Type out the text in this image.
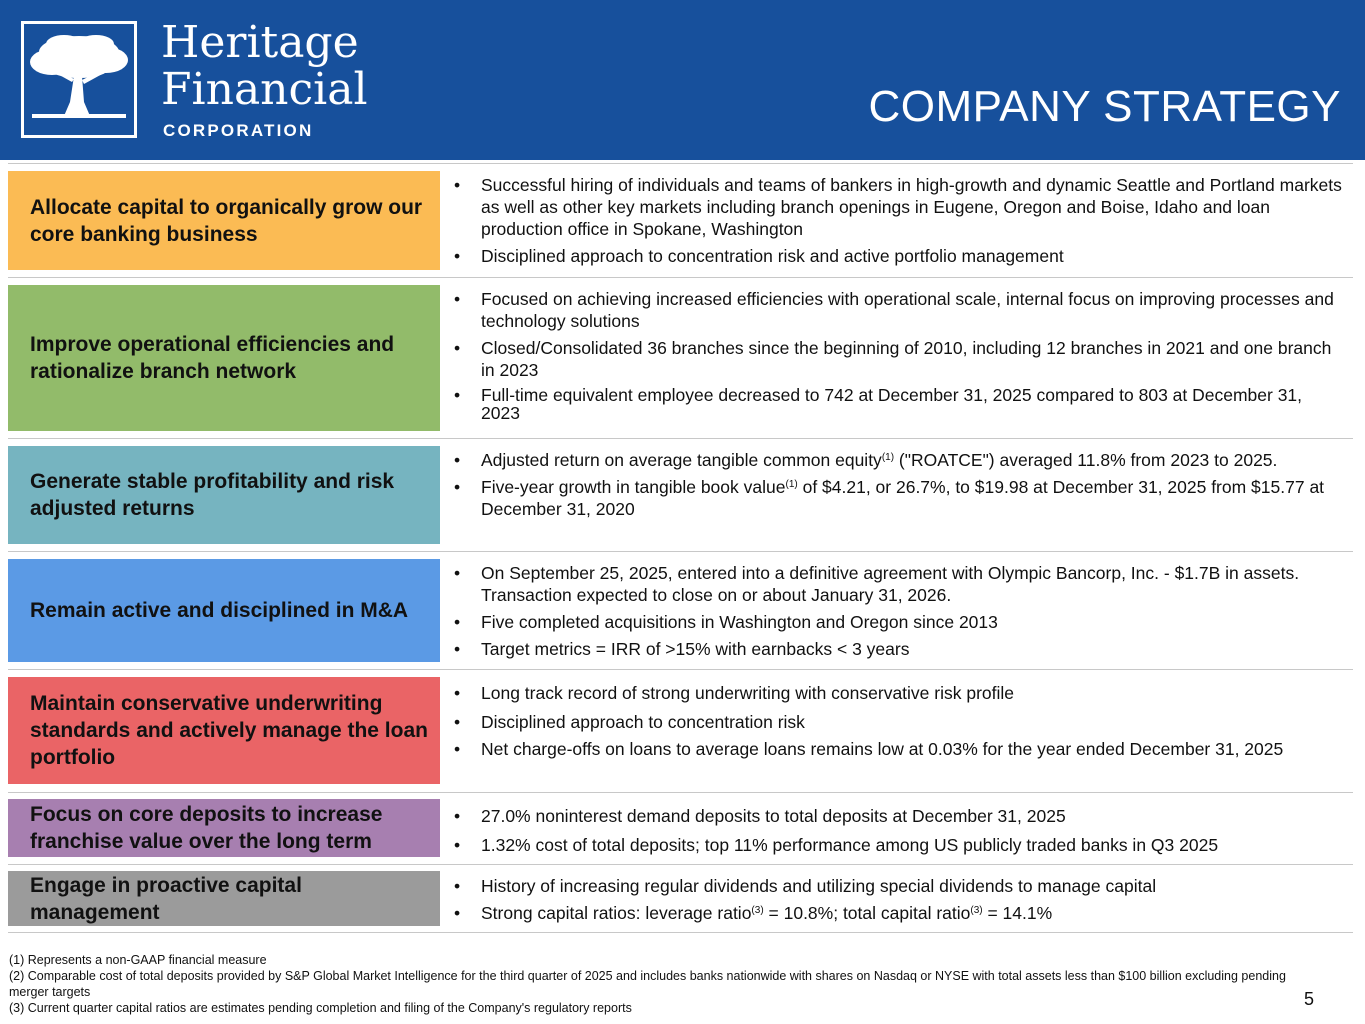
Heritage
Financial
CORPORATION	COMPANY STRATEGY
Allocate capital to organically grow our core banking business
• Successful hiring of individuals and teams of bankers in high-growth and dynamic Seattle and Portland markets as well as other key markets including branch openings in Eugene, Oregon and Boise, Idaho and loan production office in Spokane, Washington
• Disciplined approach to concentration risk and active portfolio management
Improve operational efficiencies and rationalize branch network
• Focused on achieving increased efficiencies with operational scale, internal focus on improving processes and technology solutions
• Closed/Consolidated 36 branches since the beginning of 2010, including 12 branches in 2021 and one branch in 2023
• Full-time equivalent employee decreased to 742 at December 31, 2025 compared to 803 at December 31, 2023
Generate stable profitability and risk adjusted returns
• Adjusted return on average tangible common equity$^{(1)}$ ("ROATCE") averaged 11.8% from 2023 to 2025.
• Five-year growth in tangible book value$^{(1)}$ of $4.21, or 26.7%, to $19.98 at December 31, 2025 from $15.77 at December 31, 2020
Remain active and disciplined in M&A
• On September 25, 2025, entered into a definitive agreement with Olympic Bancorp, Inc. - $1.7B in assets. Transaction expected to close on or about January 31, 2026.
• Five completed acquisitions in Washington and Oregon since 2013
• Target metrics = IRR of >15% with earnbacks < 3 years
Maintain conservative underwriting standards and actively manage the loan portfolio
• Long track record of strong underwriting with conservative risk profile
• Disciplined approach to concentration risk
• Net charge-offs on loans to average loans remains low at 0.03% for the year ended December 31, 2025
Focus on core deposits to increase franchise value over the long term
• 27.0% noninterest demand deposits to total deposits at December 31, 2025
• 1.32% cost of total deposits; top 11% performance among US publicly traded banks in Q3 2025
Engage in proactive capital management
• History of increasing regular dividends and utilizing special dividends to manage capital
• Strong capital ratios: leverage ratio$^{(3)}$ = 10.8%; total capital ratio$^{(3)}$ = 14.1%
(1) Represents a non-GAAP financial measure
(2) Comparable cost of total deposits provided by S&P Global Market Intelligence for the third quarter of 2025 and includes banks nationwide with shares on Nasdaq or NYSE with total assets less than $100 billion excluding pending merger targets
(3) Current quarter capital ratios are estimates pending completion and filing of the Company's regulatory reports	5
